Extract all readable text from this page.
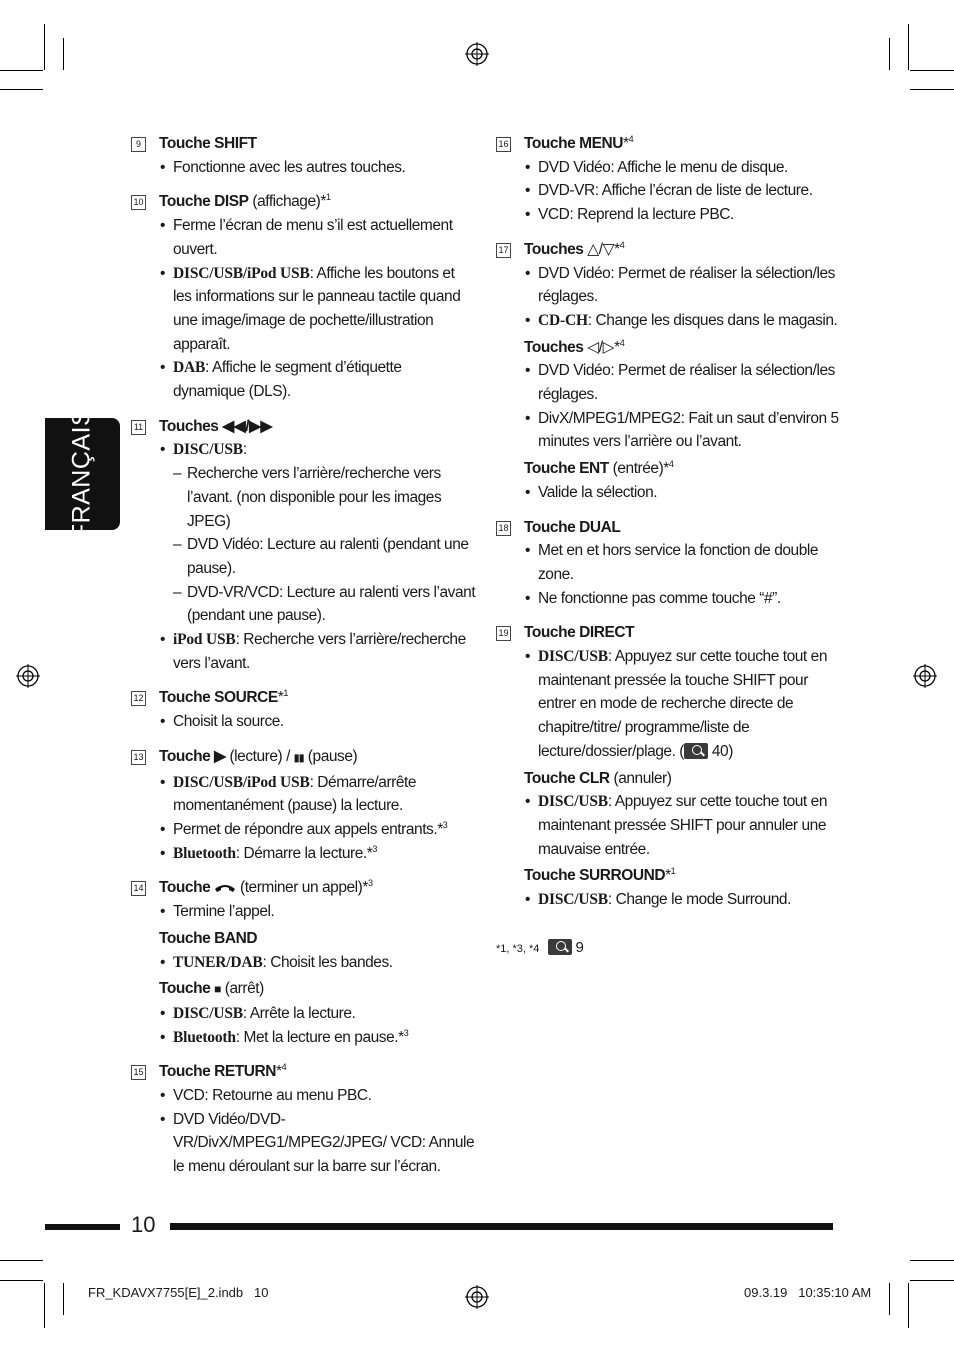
FRANÇAIS
9	Touche SHIFT
• Fonctionne avec les autres touches.
10 Touche DISP (affichage)*$^1$
• Ferme l’écran de menu s’il est actuellement ouvert.
• DISC/USB/iPod USB: Affiche les boutons et les informations sur le panneau tactile quand une image/image de pochette/illustration apparaît.
• DAB: Affiche le segment d’étiquette dynamique (DLS).
11 Touches ◀◀/▶▶
• DISC/USB:
– Recherche vers l’arrière/recherche vers l’avant. (non disponible pour les images JPEG)
– DVD Vidéo: Lecture au ralenti (pendant une pause).
– DVD-VR/VCD: Lecture au ralenti vers l’avant (pendant une pause).
• iPod USB: Recherche vers l’arrière/recherche vers l’avant.
12 Touche SOURCE*$^1$
• Choisit la source.
13 Touche ▶ (lecture) / ▮▮ (pause)
• DISC/USB/iPod USB: Démarre/arrête momentanément (pause) la lecture.
• Permet de répondre aux appels entrants.*$^3$
• Bluetooth: Démarre la lecture.*$^3$
14 Touche  (terminer un appel)*$^3$
• Termine l’appel.
Touche BAND
• TUNER/DAB: Choisit les bandes.
Touche ■ (arrêt)
• DISC/USB: Arrête la lecture.
• Bluetooth: Met la lecture en pause.*$^3$
15 Touche RETURN*$^4$
• VCD: Retourne au menu PBC.
• DVD Vidéo/DVD-VR/DivX/MPEG1/MPEG2/JPEG/ VCD: Annule le menu déroulant sur la barre sur l’écran.
16 Touche MENU*$^4$
• DVD Vidéo: Affiche le menu de disque.
• DVD-VR: Affiche l’écran de liste de lecture.
• VCD: Reprend la lecture PBC.
17 Touches △/▽*$^4$
• DVD Vidéo: Permet de réaliser la sélection/les réglages.
• CD-CH: Change les disques dans le magasin.
Touches ◁/▷*$^4$
• DVD Vidéo: Permet de réaliser la sélection/les réglages.
• DivX/MPEG1/MPEG2: Fait un saut d’environ 5 minutes vers l’arrière ou l’avant.
Touche ENT (entrée)*$^4$
• Valide la sélection.
18 Touche DUAL
• Met en et hors service la fonction de double zone.
• Ne fonctionne pas comme touche “#”.
19 Touche DIRECT
• DISC/USB: Appuyez sur cette touche tout en maintenant pressée la touche SHIFT pour entrer en mode de recherche directe de chapitre/titre/ programme/liste de lecture/dossier/plage. ( 40)
Touche CLR (annuler)
• DISC/USB: Appuyez sur cette touche tout en maintenant pressée SHIFT pour annuler une mauvaise entrée.
Touche SURROUND*$^1$
• DISC/USB: Change le mode Surround.
*1, *3, *4 9
10
FR_KDAVX7755[E]_2.indb   10	09.3.19   10:35:10 AM
